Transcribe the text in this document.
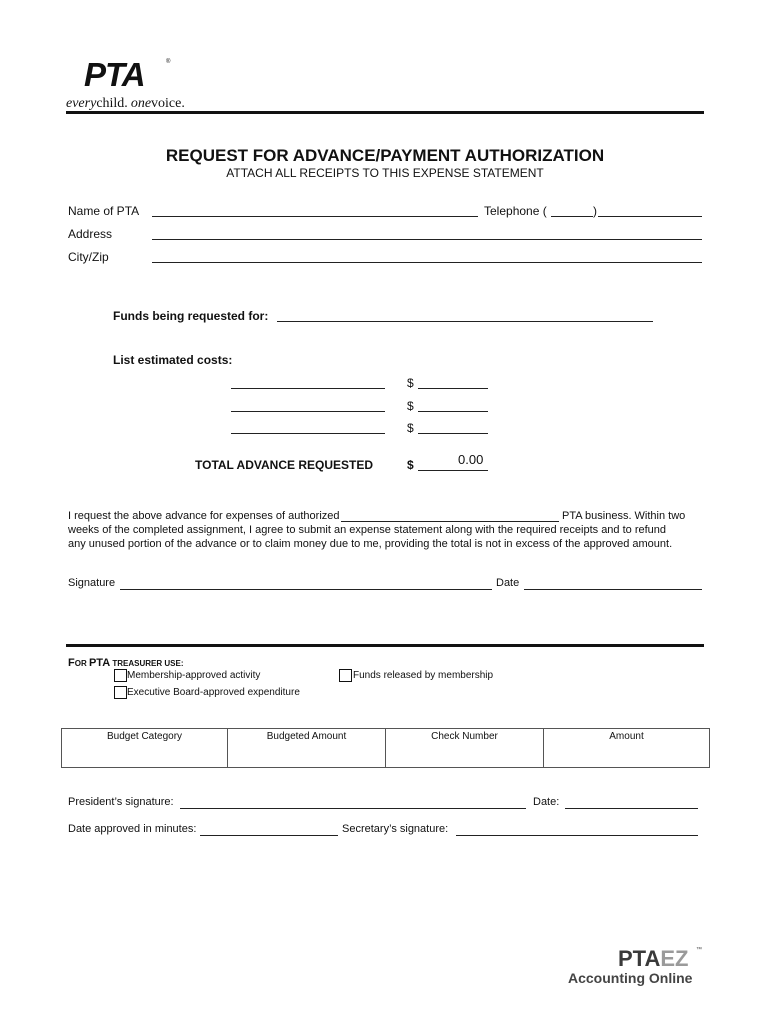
PTA	®
everychild. onevoice.
REQUEST FOR ADVANCE/PAYMENT AUTHORIZATION
ATTACH ALL RECEIPTS TO THIS EXPENSE STATEMENT
Name of PTA	Telephone (	)
Address
City/Zip
Funds being requested for:
List estimated costs:
$
$
$
TOTAL ADVANCE REQUESTED	$	0.00
I request the above advance for expenses of authorized	PTA business. Within two
weeks of the completed assignment, I agree to submit an expense statement along with the required receipts and to refund
any unused portion of the advance or to claim money due to me, providing the total is not in excess of the approved amount.
Signature	Date
FOR PTA TREASURER USE:
Membership-approved activity	Funds released by membership
Executive Board-approved expenditure
Budget Category	Budgeted Amount	Check Number	Amount
President’s signature:	Date:
Date approved in minutes:	Secretary’s signature:
PTAEZ ™
Accounting Online
